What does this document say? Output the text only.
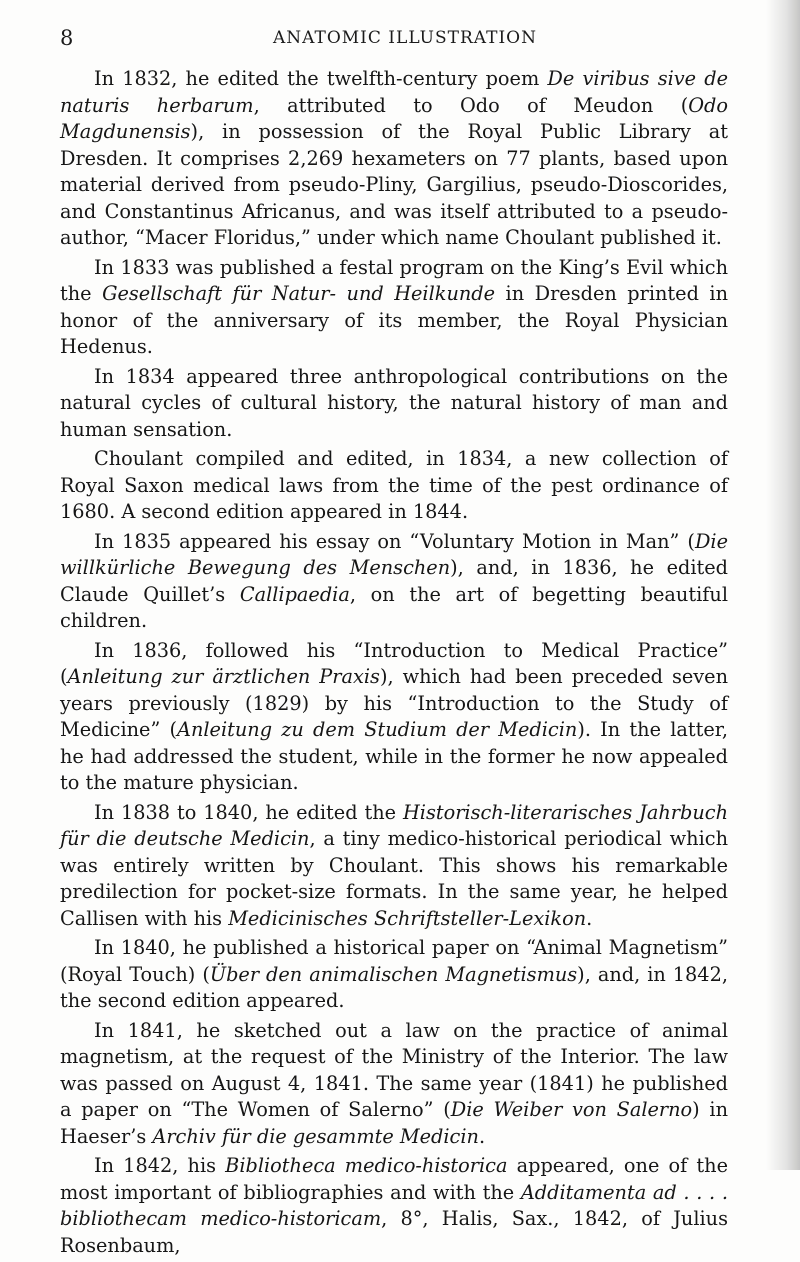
8	ANATOMIC ILLUSTRATION

In 1832, he edited the twelfth-century poem De viribus sive de naturis herbarum, attributed to Odo of Meudon (Odo Magdunensis), in possession of the Royal Public Library at Dresden. It comprises 2,269 hexameters on 77 plants, based upon material derived from pseudo-Pliny, Gargilius, pseudo-Dioscorides, and Constantinus Africanus, and was itself attributed to a pseudo-author, “Macer Floridus,” under which name Choulant published it.

In 1833 was published a festal program on the King’s Evil which the Gesellschaft für Natur- und Heilkunde in Dresden printed in honor of the anniversary of its member, the Royal Physician Hedenus.

In 1834 appeared three anthropological contributions on the natural cycles of cultural history, the natural history of man and human sensation.

Choulant compiled and edited, in 1834, a new collection of Royal Saxon medical laws from the time of the pest ordinance of 1680. A second edition appeared in 1844.

In 1835 appeared his essay on “Voluntary Motion in Man” (Die willkürliche Bewegung des Menschen), and, in 1836, he edited Claude Quillet’s Callipaedia, on the art of begetting beautiful children.

In 1836, followed his “Introduction to Medical Practice” (Anleitung zur ärztlichen Praxis), which had been preceded seven years previously (1829) by his “Introduction to the Study of Medicine” (Anleitung zu dem Studium der Medicin). In the latter, he had addressed the student, while in the former he now appealed to the mature physician.

In 1838 to 1840, he edited the Historisch-literarisches Jahrbuch für die deutsche Medicin, a tiny medico-historical periodical which was entirely written by Choulant. This shows his remarkable predilection for pocket-size formats. In the same year, he helped Callisen with his Medicinisches Schriftsteller-Lexikon.

In 1840, he published a historical paper on “Animal Magnetism” (Royal Touch) (Über den animalischen Magnetismus), and, in 1842, the second edition appeared.

In 1841, he sketched out a law on the practice of animal magnetism, at the request of the Ministry of the Interior. The law was passed on August 4, 1841. The same year (1841) he published a paper on “The Women of Salerno” (Die Weiber von Salerno) in Haeser’s Archiv für die gesammte Medicin.

In 1842, his Bibliotheca medico-historica appeared, one of the most important of bibliographies and with the Additamenta ad . . . . bibliothecam medico-historicam, 8°, Halis, Sax., 1842, of Julius Rosenbaum,
